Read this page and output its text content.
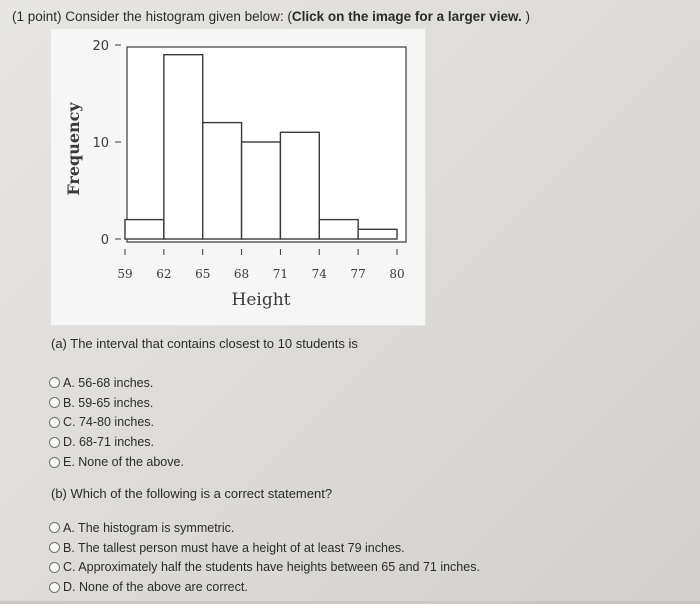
(1 point) Consider the histogram given below: (Click on the image for a larger view. )
0
10
20
59 62 65 68 71 74 77 80
Height
Frequency
(a) The interval that contains closest to 10 students is
A. 56-68 inches.
B. 59-65 inches.
C. 74-80 inches.
D. 68-71 inches.
E. None of the above.
(b) Which of the following is a correct statement?
A. The histogram is symmetric.
B. The tallest person must have a height of at least 79 inches.
C. Approximately half the students have heights between 65 and 71 inches.
D. None of the above are correct.
